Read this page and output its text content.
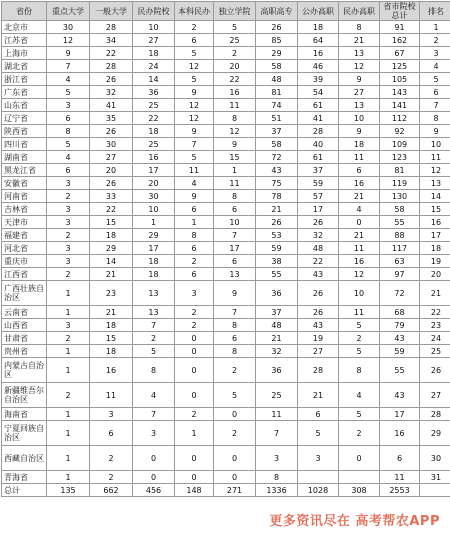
省份	重点大学	一般大学	民办院校	本科民办	独立学院	高职高专	公办高职	民办高职	省市院校总计	排名
北京市	30	28	10	2	5	26	18	8	91	1
江苏省	12	34	27	6	25	85	64	21	162	2
上海市	9	22	18	5	2	29	16	13	67	3
湖北省	7	28	24	12	20	58	46	12	125	4
浙江省	4	26	14	5	22	48	39	9	105	5
广东省	5	32	36	9	16	81	54	27	143	6
山东省	3	41	25	12	11	74	61	13	141	7
辽宁省	6	35	22	12	8	51	41	10	112	8
陕西省	8	26	18	9	12	37	28	9	92	9
四川省	5	30	25	7	9	58	40	18	109	10
湖南省	4	27	16	5	15	72	61	11	123	11
黑龙江省	6	20	17	11	1	43	37	6	81	12
安徽省	3	26	20	4	11	75	59	16	119	13
河南省	2	33	30	9	8	78	57	21	130	14
吉林省	3	22	10	6	6	21	17	4	58	15
天津市	3	15	1	1	10	26	26	0	55	16
福建省	2	18	29	8	7	53	32	21	88	17
河北省	3	29	17	6	17	59	48	11	117	18
重庆市	3	14	18	2	6	38	22	16	63	19
江西省	2	21	18	6	13	55	43	12	97	20
广西壮族自治区	1	23	13	3	9	36	26	10	72	21
云南省	1	21	13	2	7	37	26	11	68	22
山西省	3	18	7	2	8	48	43	5	79	23
甘肃省	2	15	2	0	6	21	19	2	43	24
贵州省	1	18	5	0	8	32	27	5	59	25
内蒙古自治区	1	16	8	0	2	36	28	8	55	26
新疆维吾尔自治区	2	11	4	0	5	25	21	4	43	27
海南省	1	3	7	2	0	11	6	5	17	28
宁夏回族自治区	1	6	3	1	2	7	5	2	16	29
西藏自治区	1	2	0	0	0	3	3	0	6	30
青海省	1	2	0	0	0	8			11	31
总计	135	662	456	148	271	1336	1028	308	2553	
更多资讯尽在 高考帮农APP
